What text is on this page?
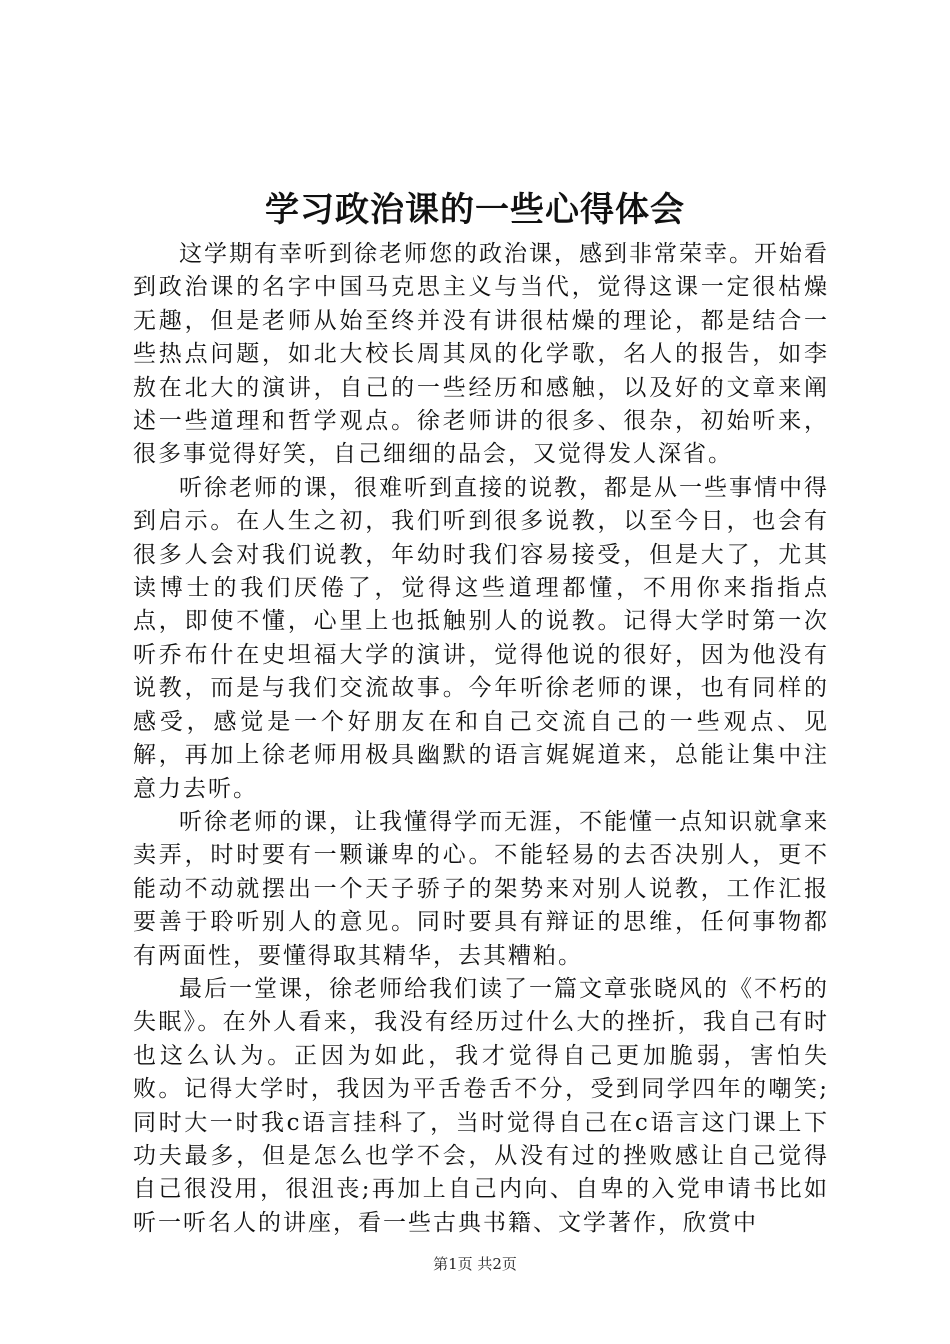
学习政治课的一些心得体会

这学期有幸听到徐老师您的政治课，感到非常荣幸。开始看到政治课的名字中国马克思主义与当代，觉得这课一定很枯燥无趣，但是老师从始至终并没有讲很枯燥的理论，都是结合一些热点问题，如北大校长周其凤的化学歌，名人的报告，如李敖在北大的演讲，自己的一些经历和感触，以及好的文章来阐述一些道理和哲学观点。徐老师讲的很多、很杂，初始听来，很多事觉得好笑，自己细细的品会，又觉得发人深省。

听徐老师的课，很难听到直接的说教，都是从一些事情中得到启示。在人生之初，我们听到很多说教，以至今日，也会有很多人会对我们说教，年幼时我们容易接受，但是大了，尤其读博士的我们厌倦了，觉得这些道理都懂，不用你来指指点点，即使不懂，心里上也抵触别人的说教。记得大学时第一次听乔布什在史坦福大学的演讲，觉得他说的很好，因为他没有说教，而是与我们交流故事。今年听徐老师的课，也有同样的感受，感觉是一个好朋友在和自己交流自己的一些观点、见解，再加上徐老师用极具幽默的语言娓娓道来，总能让集中注意力去听。

听徐老师的课，让我懂得学而无涯，不能懂一点知识就拿来卖弄，时时要有一颗谦卑的心。不能轻易的去否决别人，更不能动不动就摆出一个天子骄子的架势来对别人说教，工作汇报要善于聆听别人的意见。同时要具有辩证的思维，任何事物都有两面性，要懂得取其精华，去其糟粕。

最后一堂课，徐老师给我们读了一篇文章张晓风的《不朽的失眠》。在外人看来，我没有经历过什么大的挫折，我自己有时也这么认为。正因为如此，我才觉得自己更加脆弱，害怕失败。记得大学时，我因为平舌卷舌不分，受到同学四年的嘲笑;同时大一时我c语言挂科了，当时觉得自己在c语言这门课上下功夫最多，但是怎么也学不会，从没有过的挫败感让自己觉得自己很没用，很沮丧;再加上自己内向、自卑的入党申请书比如听一听名人的讲座，看一些古典书籍、文学著作，欣赏中

第1页 共2页
